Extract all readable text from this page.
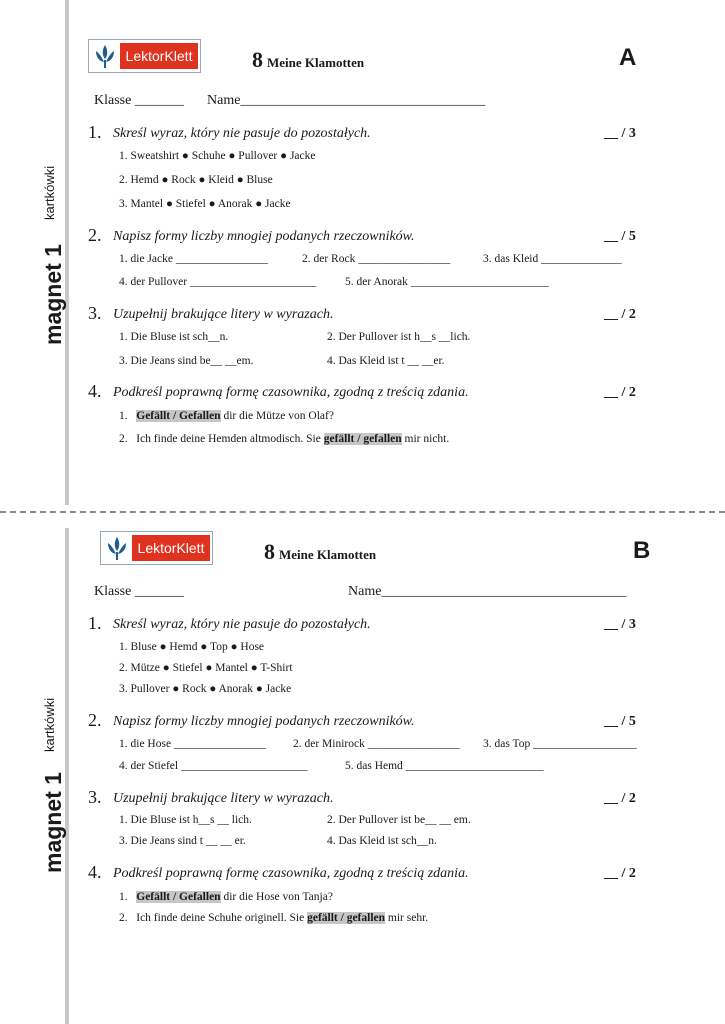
magnet 1
kartkówki
LektorKlett	8 Meine Klamotten	A
Klasse _______ Name___________________________________
1. Skreśl wyraz, który nie pasuje do pozostałych.	__ / 3
1. Sweatshirt ● Schuhe ● Pullover ● Jacke
2. Hemd ● Rock ● Kleid ● Bluse
3. Mantel ● Stiefel ● Anorak ● Jacke
2. Napisz formy liczby mnogiej podanych rzeczowników.	__ / 5
1. die Jacke ________________	2. der Rock ________________	3. das Kleid ______________
4. der Pullover ______________________ 5. der Anorak ________________________
3. Uzupełnij brakujące litery w wyrazach.	__ / 2
1. Die Bluse ist sch__n.	2. Der Pullover ist h__s __lich.
3. Die Jeans sind be__ __em.	4. Das Kleid ist t __ __er.
4. Podkreśl poprawną formę czasownika, zgodną z treścią zdania.	__ / 2
1. Gefällt / Gefallen dir die Mütze von Olaf?
2. Ich finde deine Hemden altmodisch. Sie gefällt / gefallen mir nicht.
magnet 1
kartkówki
LektorKlett	8 Meine Klamotten	B
Klasse _______	Name___________________________________
1. Skreśl wyraz, który nie pasuje do pozostałych.	__ / 3
1. Bluse ● Hemd ● Top ● Hose
2. Mütze ● Stiefel ● Mantel ● T-Shirt
3. Pullover ● Rock ● Anorak ● Jacke
2. Napisz formy liczby mnogiej podanych rzeczowników.	__ / 5
1. die Hose ________________ 2. der Minirock ________________ 3. das Top __________________
4. der Stiefel ______________________	5. das Hemd ________________________
3. Uzupełnij brakujące litery w wyrazach.	__ / 2
1. Die Bluse ist h__s __ lich.	2. Der Pullover ist be__ __ em.
3. Die Jeans sind t __ __ er.	4. Das Kleid ist sch__n.
4. Podkreśl poprawną formę czasownika, zgodną z treścią zdania.	__ / 2
1. Gefällt / Gefallen dir die Hose von Tanja?
2. Ich finde deine Schuhe originell. Sie gefällt / gefallen mir sehr.
